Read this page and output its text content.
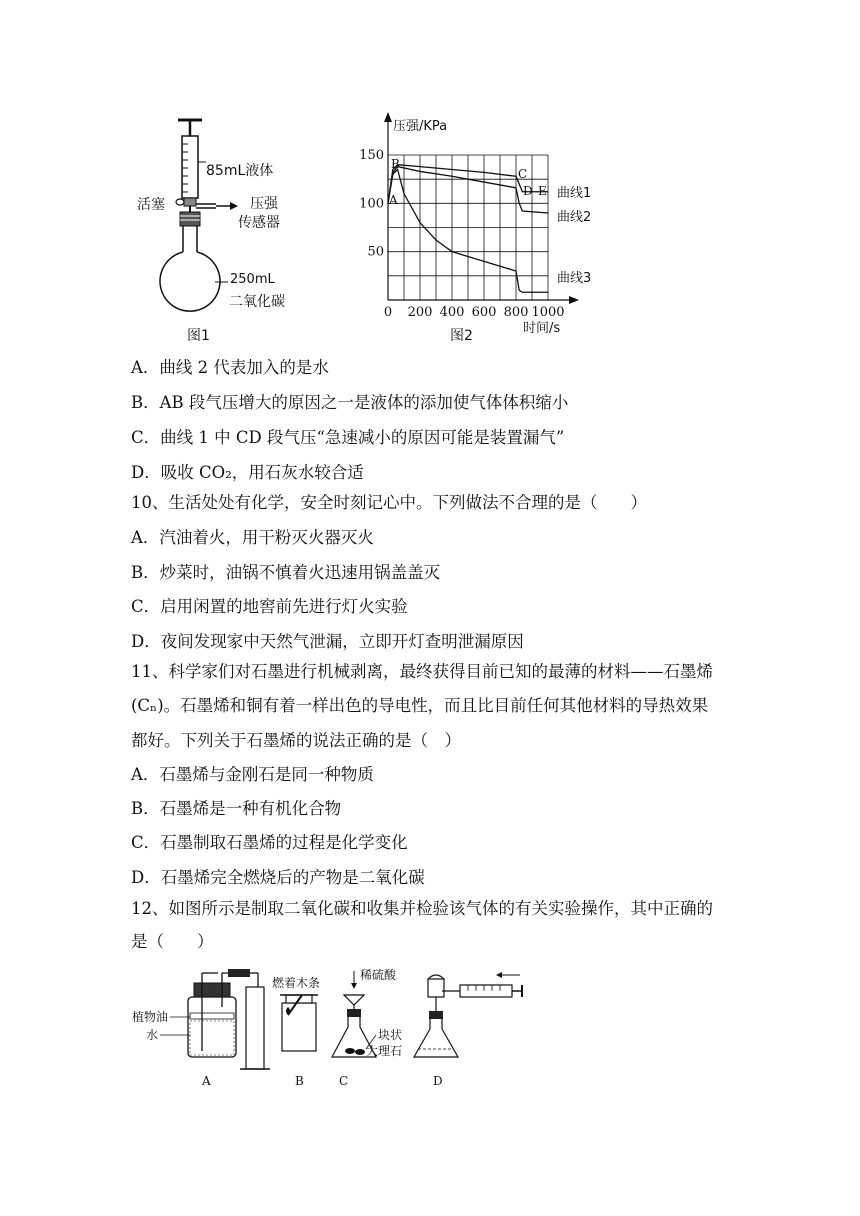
85mL液体
活塞	压强
传感器
250mL
二氧化碳
图1
0 200 400 600 800 1000
50
100
150
压强/KPa
时间/s
A
B
C
D E 曲线1
曲线2
曲线3
图2
A．曲线 2 代表加入的是水
B．AB 段气压增大的原因之一是液体的添加使气体体积缩小
C．曲线 1 中 CD 段气压“急速减小的原因可能是装置漏气”
D．吸收 CO₂，用石灰水较合适
10、生活处处有化学，安全时刻记心中。下列做法不合理的是（　　）
A．汽油着火，用干粉灭火器灭火
B．炒菜时，油锅不慎着火迅速用锅盖盖灭
C．启用闲置的地窖前先进行灯火实验
D．夜间发现家中天然气泄漏，立即开灯查明泄漏原因
11、科学家们对石墨进行机械剥离，最终获得目前已知的最薄的材料——石墨烯
(Cₙ)。石墨烯和铜有着一样出色的导电性，而且比目前任何其他材料的导热效果
都好。下列关于石墨烯的说法正确的是（　）
A．石墨烯与金刚石是同一种物质
B．石墨烯是一种有机化合物
C．石墨制取石墨烯的过程是化学变化
D．石墨烯完全燃烧后的产物是二氧化碳
12、如图所示是制取二氧化碳和收集并检验该气体的有关实验操作，其中正确的
是（　　）
植物油
水
燃着木条
稀硫酸
块状
大理石
A	B	C	D
